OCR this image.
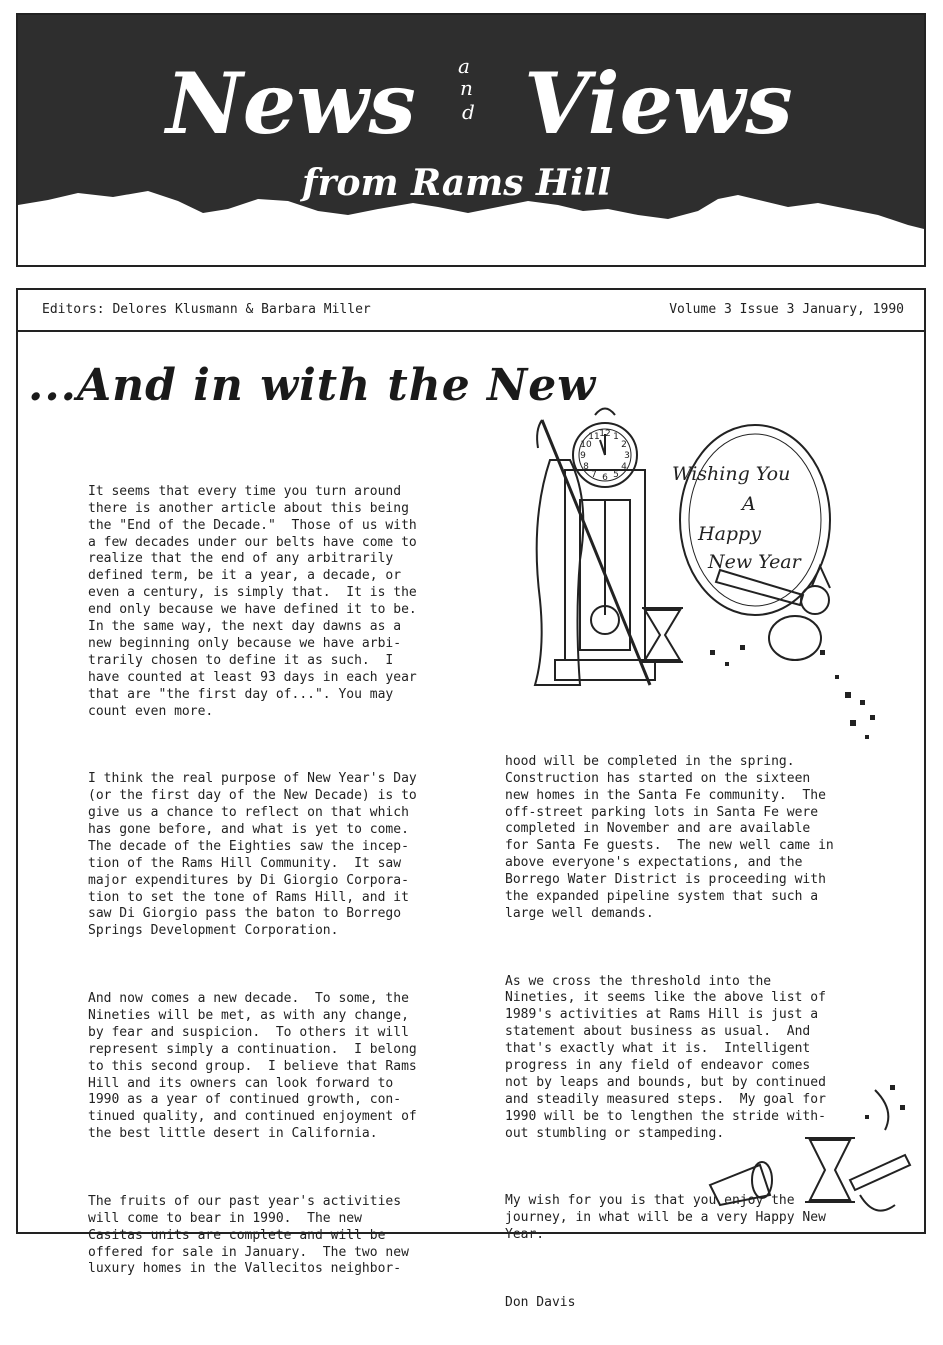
News a
n
d Views
from Rams Hill
Editors: Delores Klusmann & Barbara Miller	Volume 3 Issue 3 January, 1990
...And in with the New

It seems that every time you turn around
there is another article about this being
the "End of the Decade."  Those of us with
a few decades under our belts have come to
realize that the end of any arbitrarily
defined term, be it a year, a decade, or
even a century, is simply that.  It is the
end only because we have defined it to be.
In the same way, the next day dawns as a
new beginning only because we have arbi-
trarily chosen to define it as such.  I
have counted at least 93 days in each year
that are "the first day of...". You may
count even more.

I think the real purpose of New Year's Day
(or the first day of the New Decade) is to
give us a chance to reflect on that which
has gone before, and what is yet to come.
The decade of the Eighties saw the incep-
tion of the Rams Hill Community.  It saw
major expenditures by Di Giorgio Corpora-
tion to set the tone of Rams Hill, and it
saw Di Giorgio pass the baton to Borrego
Springs Development Corporation.

And now comes a new decade.  To some, the
Nineties will be met, as with any change,
by fear and suspicion.  To others it will
represent simply a continuation.  I belong
to this second group.  I believe that Rams
Hill and its owners can look forward to
1990 as a year of continued growth, con-
tinued quality, and continued enjoyment of
the best little desert in California.

The fruits of our past year's activities
will come to bear in 1990.  The new
Casitas units are complete and will be
offered for sale in January.  The two new
luxury homes in the Vallecitos neighbor-

hood will be completed in the spring.
Construction has started on the sixteen
new homes in the Santa Fe community.  The
off-street parking lots in Santa Fe were
completed in November and are available
for Santa Fe guests.  The new well came in
above everyone's expectations, and the
Borrego Water District is proceeding with
the expanded pipeline system that such a
large well demands.

As we cross the threshold into the
Nineties, it seems like the above list of
1989's activities at Rams Hill is just a
statement about business as usual.  And
that's exactly what it is.  Intelligent
progress in any field of endeavor comes
not by leaps and bounds, but by continued
and steadily measured steps.  My goal for
1990 will be to lengthen the stride with-
out stumbling or stampeding.

My wish for you is that you enjoy the
journey, in what will be a very Happy New
Year.

Don Davis

12 1
2
3
4
5
6
7
8
9
10
11
Wishing You
A
Happy
New Year
